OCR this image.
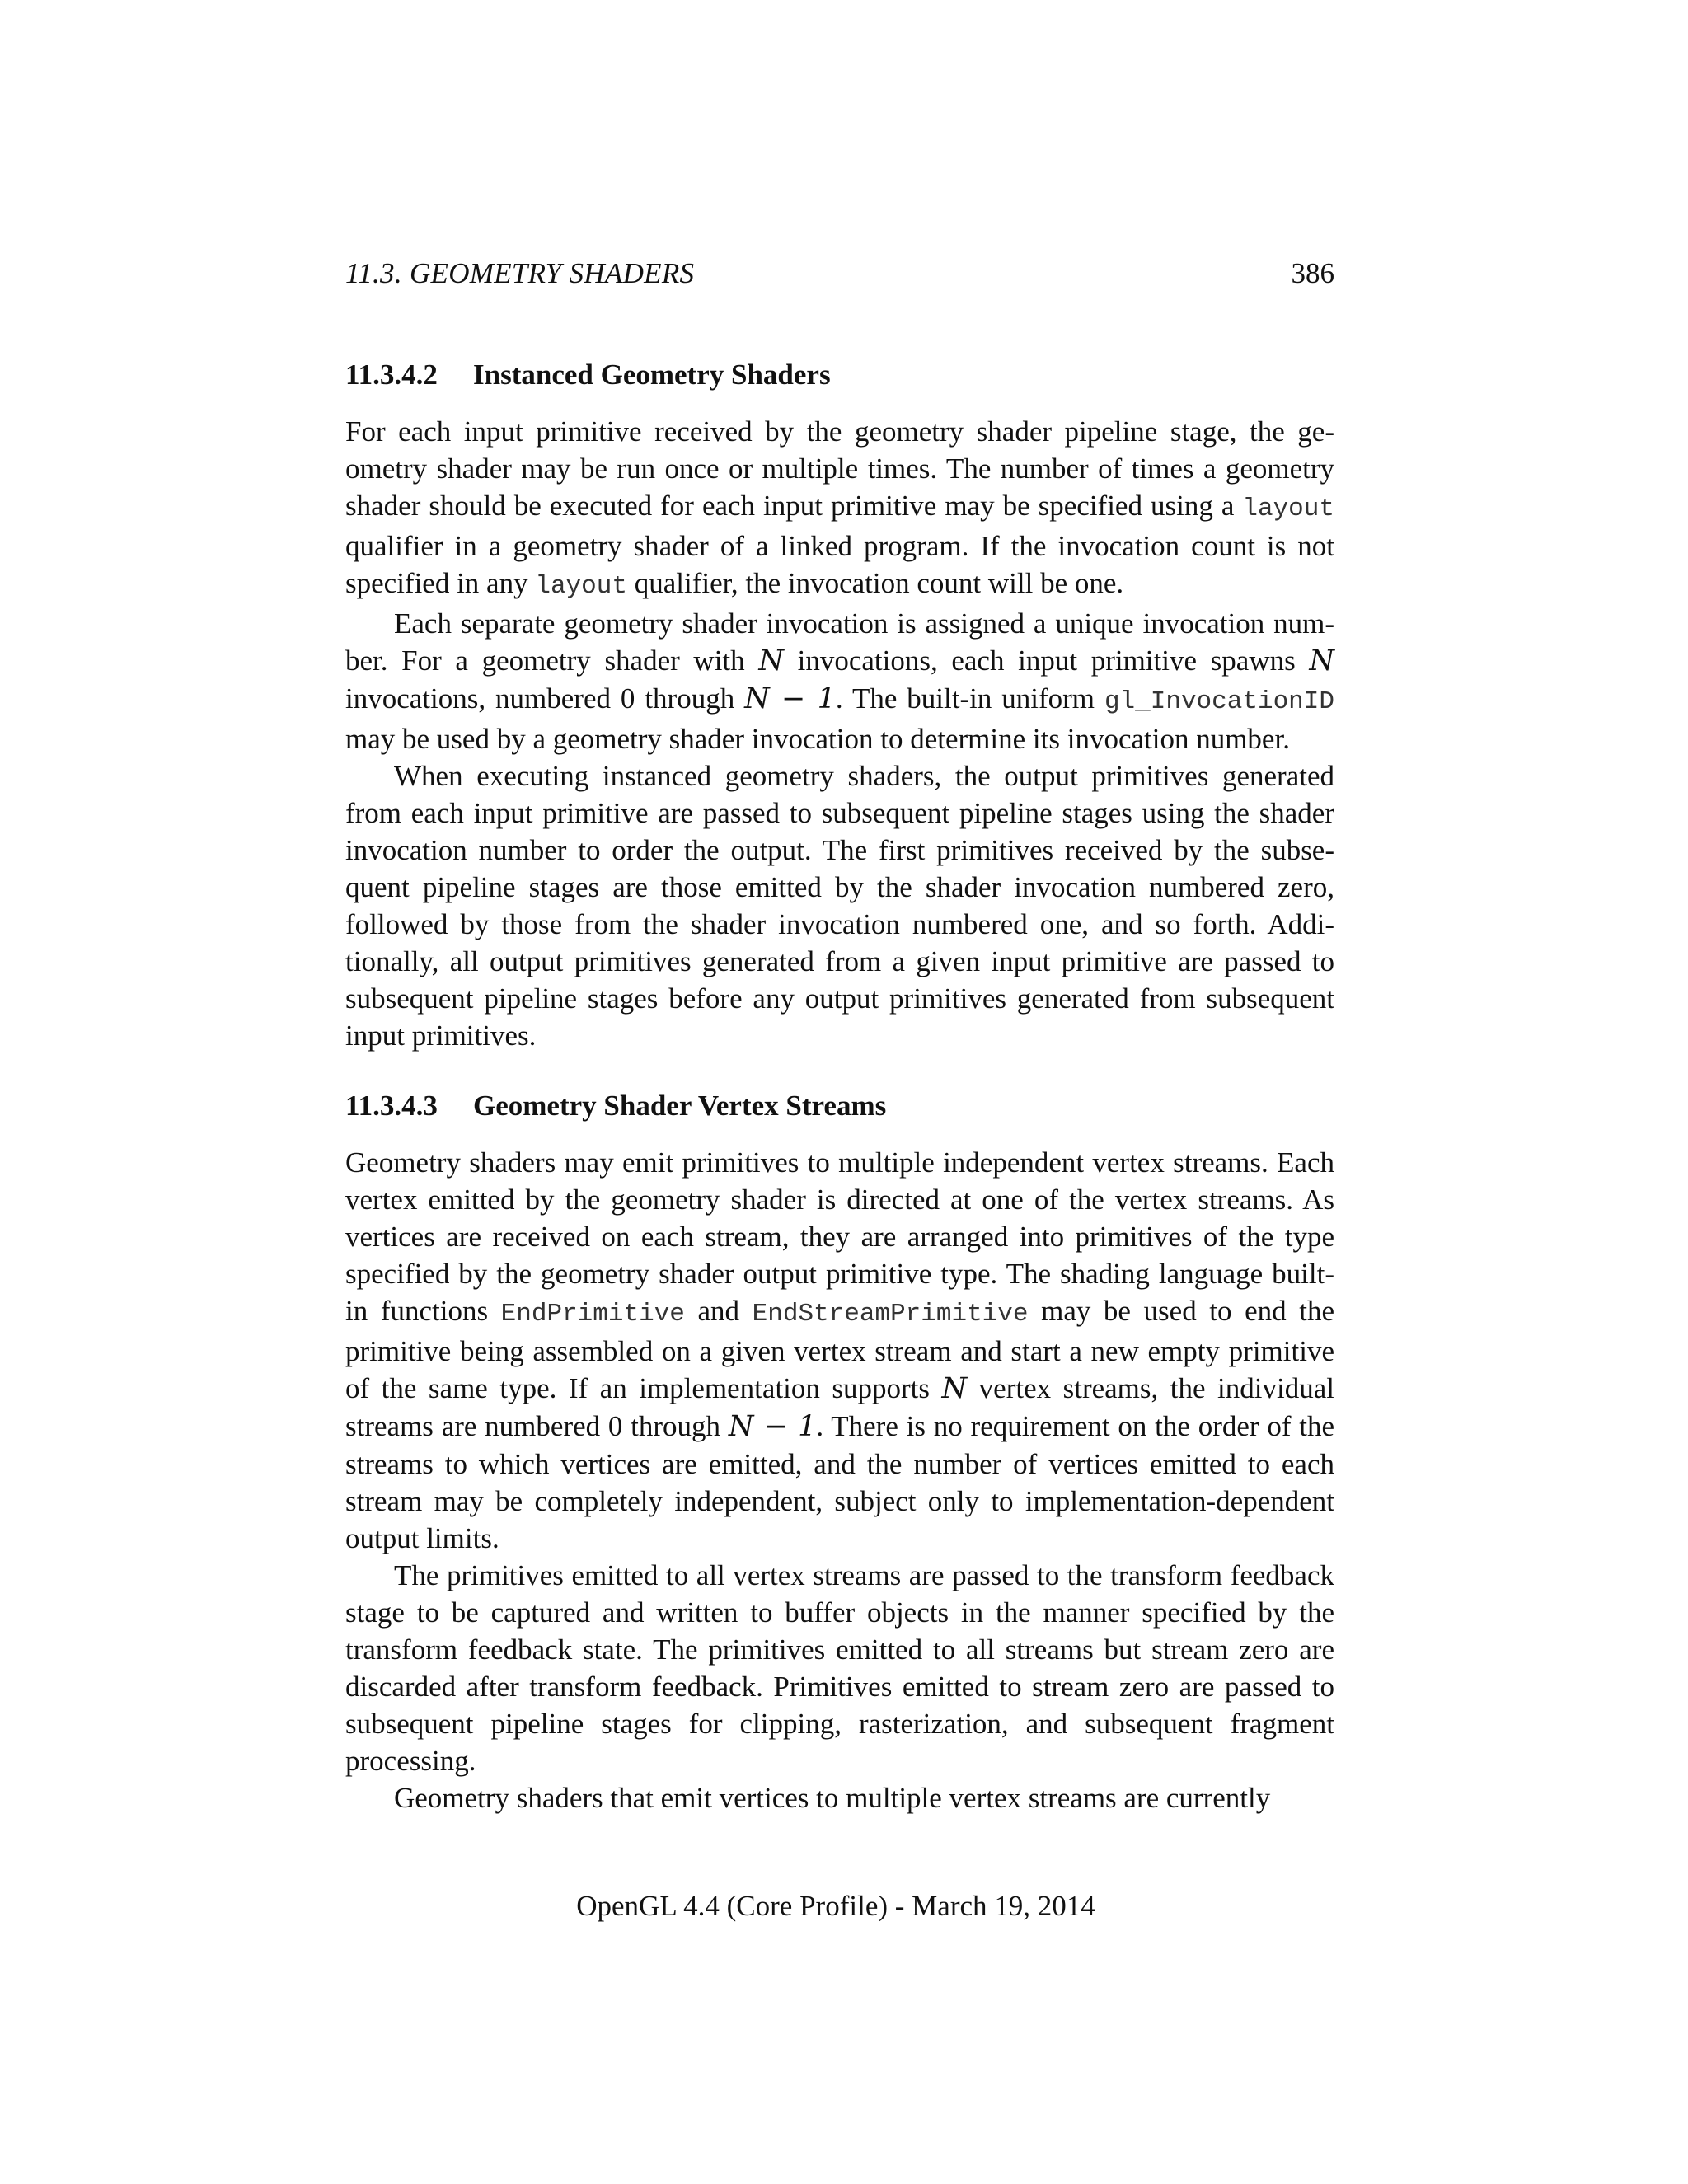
11.3. GEOMETRY SHADERS	386
11.3.4.2 Instanced Geometry Shaders

For each input primitive received by the geometry shader pipeline stage, the geometry shader may be run once or multiple times. The number of times a geometry shader should be executed for each input primitive may be specified using a layout qualifier in a geometry shader of a linked program. If the invocation count is not specified in any layout qualifier, the invocation count will be one.

Each separate geometry shader invocation is assigned a unique invocation number. For a geometry shader with N invocations, each input primitive spawns N invocations, numbered 0 through N − 1. The built-in uniform gl_InvocationID may be used by a geometry shader invocation to determine its invocation number.

When executing instanced geometry shaders, the output primitives generated from each input primitive are passed to subsequent pipeline stages using the shader invocation number to order the output. The first primitives received by the subsequent pipeline stages are those emitted by the shader invocation numbered zero, followed by those from the shader invocation numbered one, and so forth. Additionally, all output primitives generated from a given input primitive are passed to subsequent pipeline stages before any output primitives generated from subsequent input primitives.

11.3.4.3 Geometry Shader Vertex Streams

Geometry shaders may emit primitives to multiple independent vertex streams. Each vertex emitted by the geometry shader is directed at one of the vertex streams. As vertices are received on each stream, they are arranged into primitives of the type specified by the geometry shader output primitive type. The shading language built-in functions EndPrimitive and EndStreamPrimitive may be used to end the primitive being assembled on a given vertex stream and start a new empty primitive of the same type. If an implementation supports N vertex streams, the individual streams are numbered 0 through N − 1. There is no requirement on the order of the streams to which vertices are emitted, and the number of vertices emitted to each stream may be completely independent, subject only to implementation-dependent output limits.

The primitives emitted to all vertex streams are passed to the transform feedback stage to be captured and written to buffer objects in the manner specified by the transform feedback state. The primitives emitted to all streams but stream zero are discarded after transform feedback. Primitives emitted to stream zero are passed to subsequent pipeline stages for clipping, rasterization, and subsequent fragment processing.

Geometry shaders that emit vertices to multiple vertex streams are currently

OpenGL 4.4 (Core Profile) - March 19, 2014
